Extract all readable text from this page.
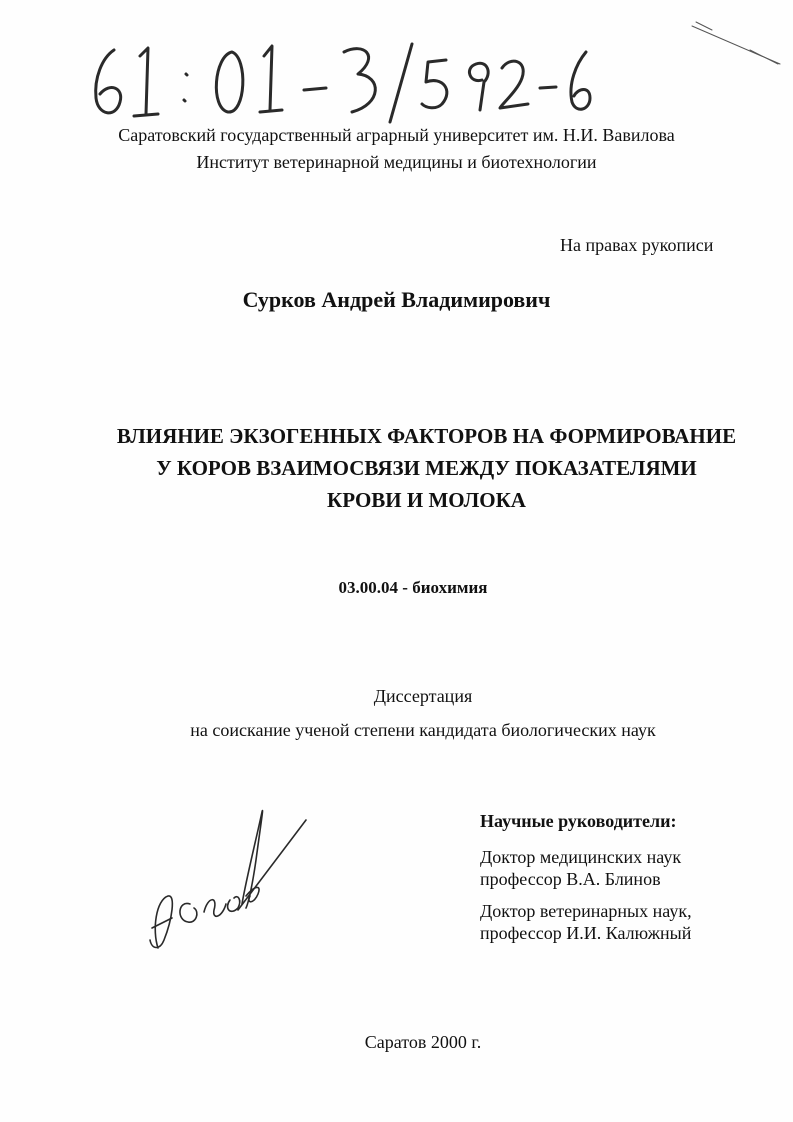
Саратовский государственный аграрный университет им. Н.И. Вавилова
Институт ветеринарной медицины и биотехнологии
На правах рукописи
Сурков Андрей Владимирович
ВЛИЯНИЕ ЭКЗОГЕННЫХ ФАКТОРОВ НА ФОРМИРОВАНИЕ
У КОРОВ ВЗАИМОСВЯЗИ МЕЖДУ ПОКАЗАТЕЛЯМИ
КРОВИ И МОЛОКА
03.00.04 - биохимия
Диссертация
на соискание ученой степени кандидата биологических наук
Научные руководители:
Доктор медицинских наук
профессор В.А. Блинов
Доктор ветеринарных наук,
профессор И.И. Калюжный
Саратов 2000 г.
